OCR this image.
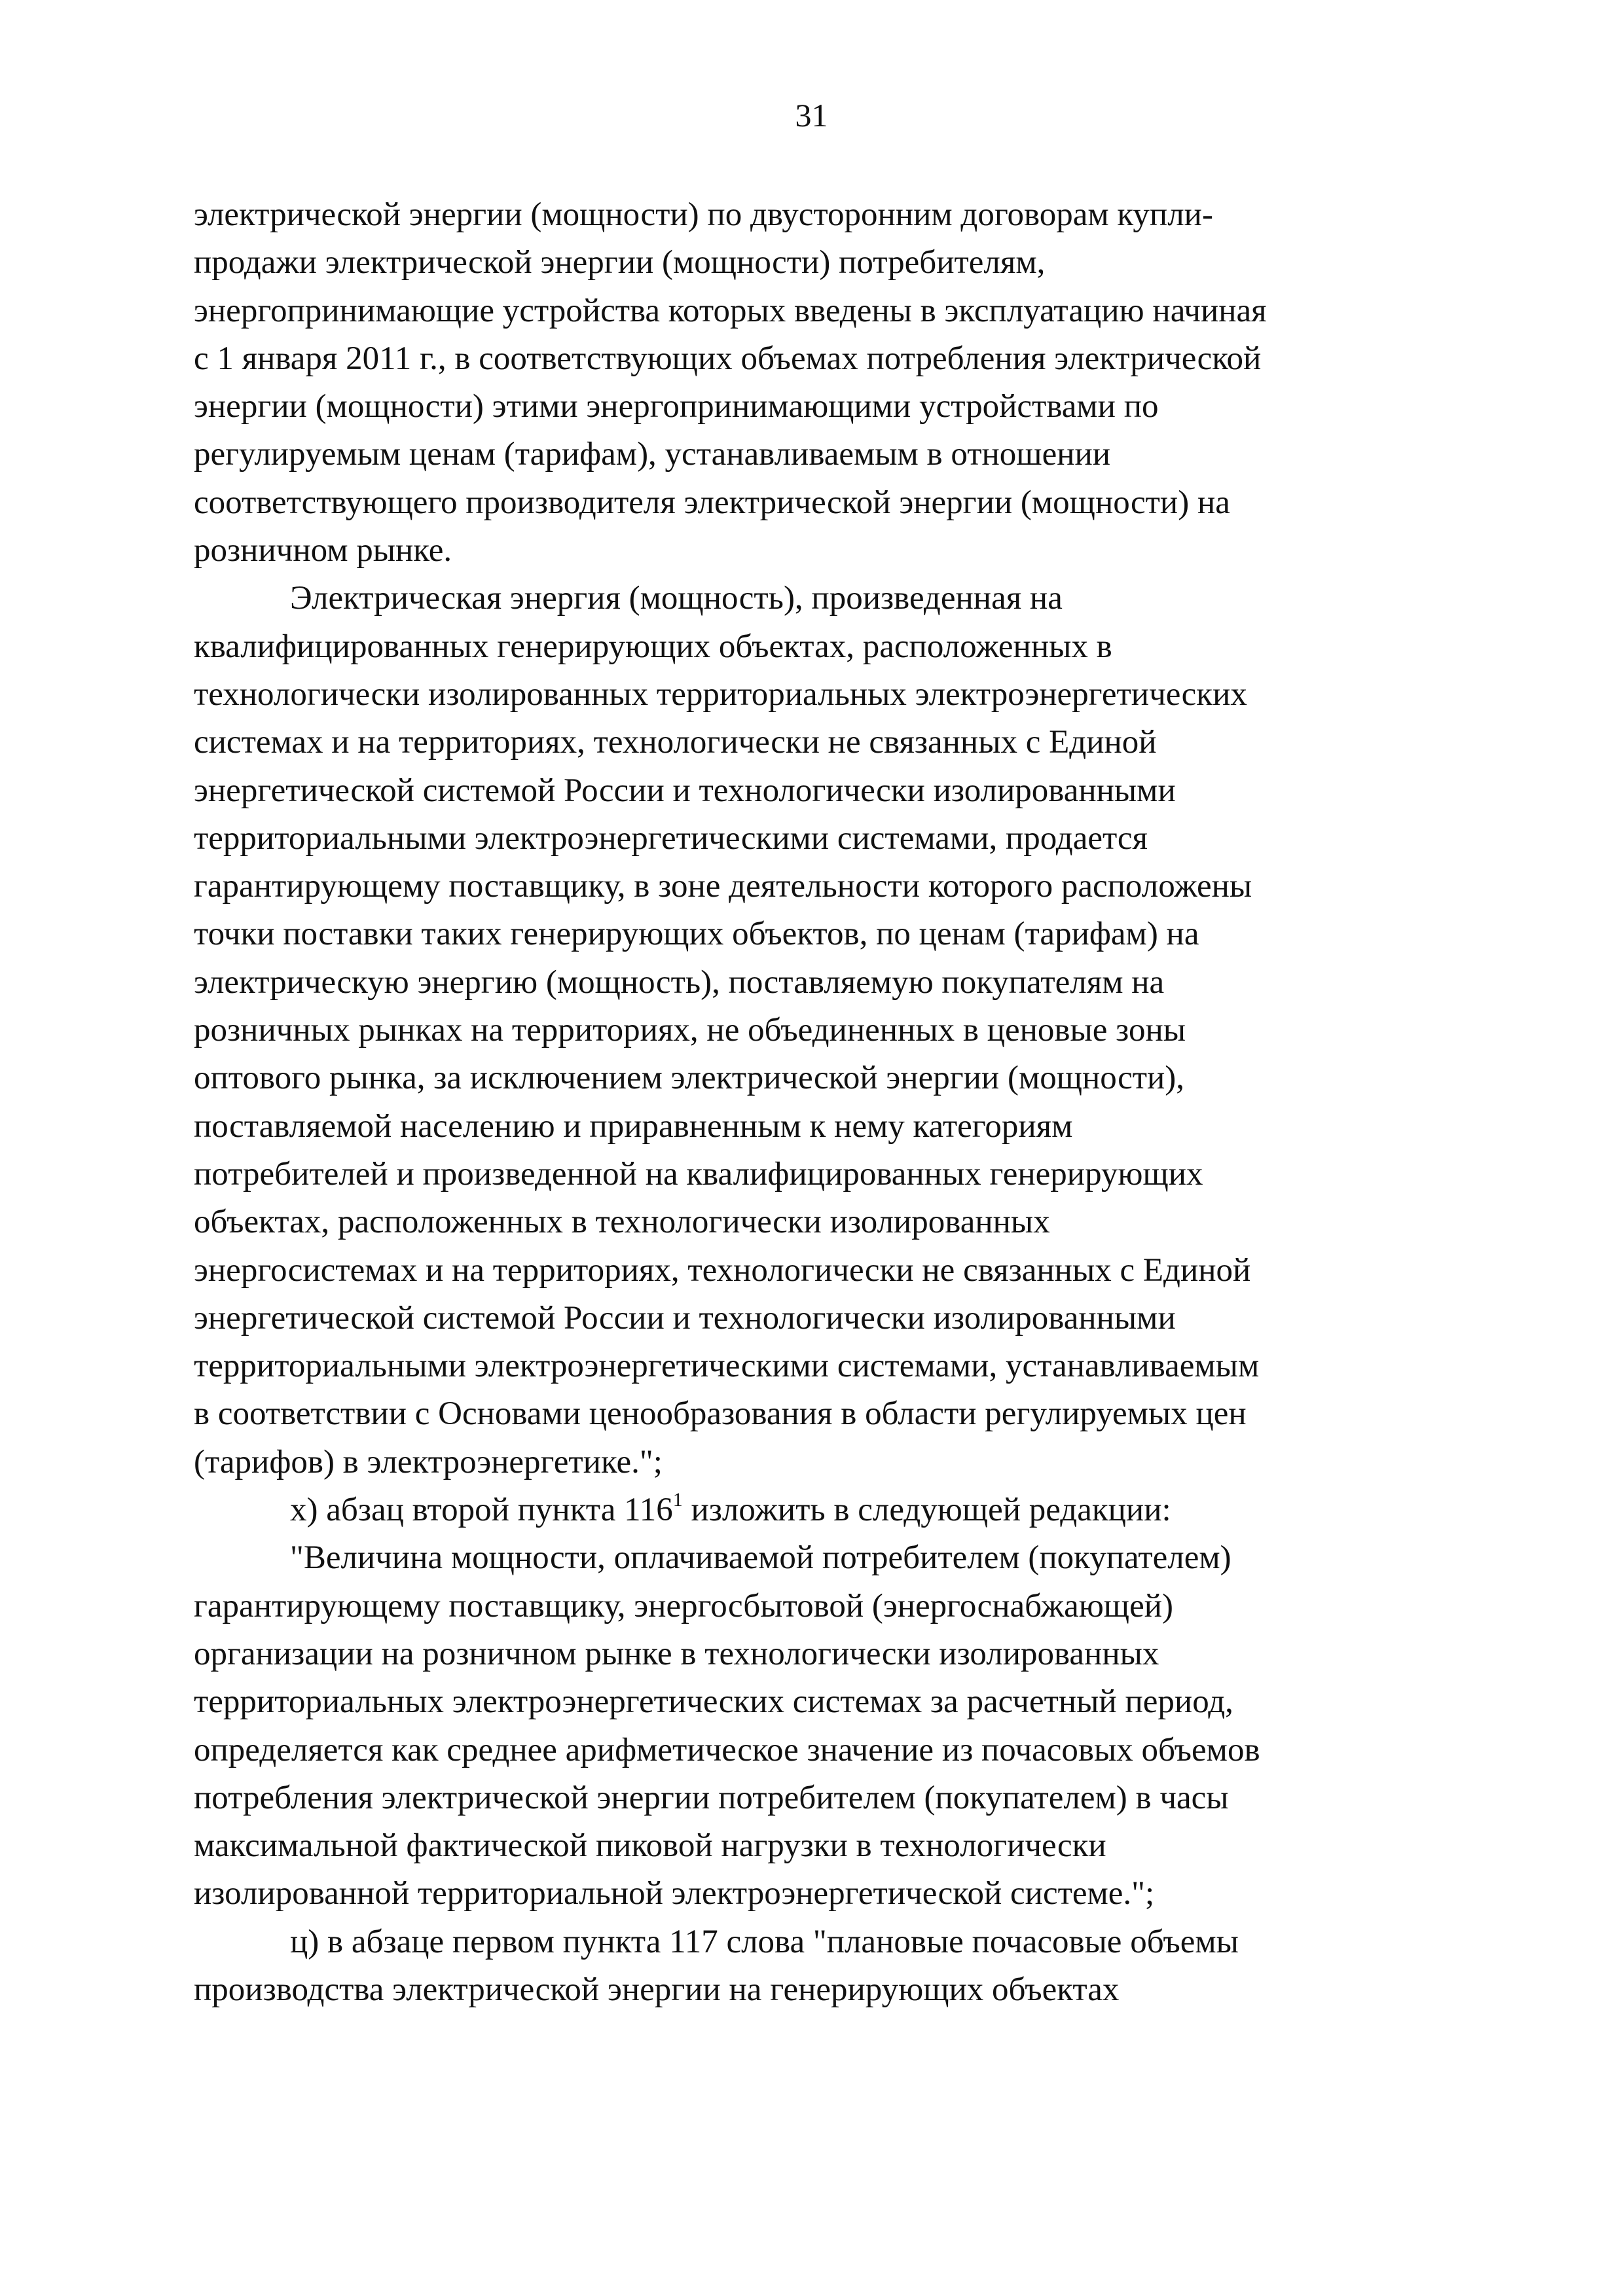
31
электрической энергии (мощности) по двусторонним договорам купли-
продажи электрической энергии (мощности) потребителям,
энергопринимающие устройства которых введены в эксплуатацию начиная
с 1 января 2011 г., в соответствующих объемах потребления электрической
энергии (мощности) этими энергопринимающими устройствами по
регулируемым ценам (тарифам), устанавливаемым в отношении
соответствующего производителя электрической энергии (мощности) на
розничном рынке.
Электрическая энергия (мощность), произведенная на
квалифицированных генерирующих объектах, расположенных в
технологически изолированных территориальных электроэнергетических
системах и на территориях, технологически не связанных с Единой
энергетической системой России и технологически изолированными
территориальными электроэнергетическими системами, продается
гарантирующему поставщику, в зоне деятельности которого расположены
точки поставки таких генерирующих объектов, по ценам (тарифам) на
электрическую энергию (мощность), поставляемую покупателям на
розничных рынках на территориях, не объединенных в ценовые зоны
оптового рынка, за исключением электрической энергии (мощности),
поставляемой населению и приравненным к нему категориям
потребителей и произведенной на квалифицированных генерирующих
объектах, расположенных в технологически изолированных
энергосистемах и на территориях, технологически не связанных с Единой
энергетической системой России и технологически изолированными
территориальными электроэнергетическими системами, устанавливаемым
в соответствии с Основами ценообразования в области регулируемых цен
(тарифов) в электроэнергетике.";
х) абзац второй пункта $116^1$ изложить в следующей редакции:
"Величина мощности, оплачиваемой потребителем (покупателем)
гарантирующему поставщику, энергосбытовой (энергоснабжающей)
организации на розничном рынке в технологически изолированных
территориальных электроэнергетических системах за расчетный период,
определяется как среднее арифметическое значение из почасовых объемов
потребления электрической энергии потребителем (покупателем) в часы
максимальной фактической пиковой нагрузки в технологически
изолированной территориальной электроэнергетической системе.";
ц) в абзаце первом пункта 117 слова "плановые почасовые объемы
производства электрической энергии на генерирующих объектах
